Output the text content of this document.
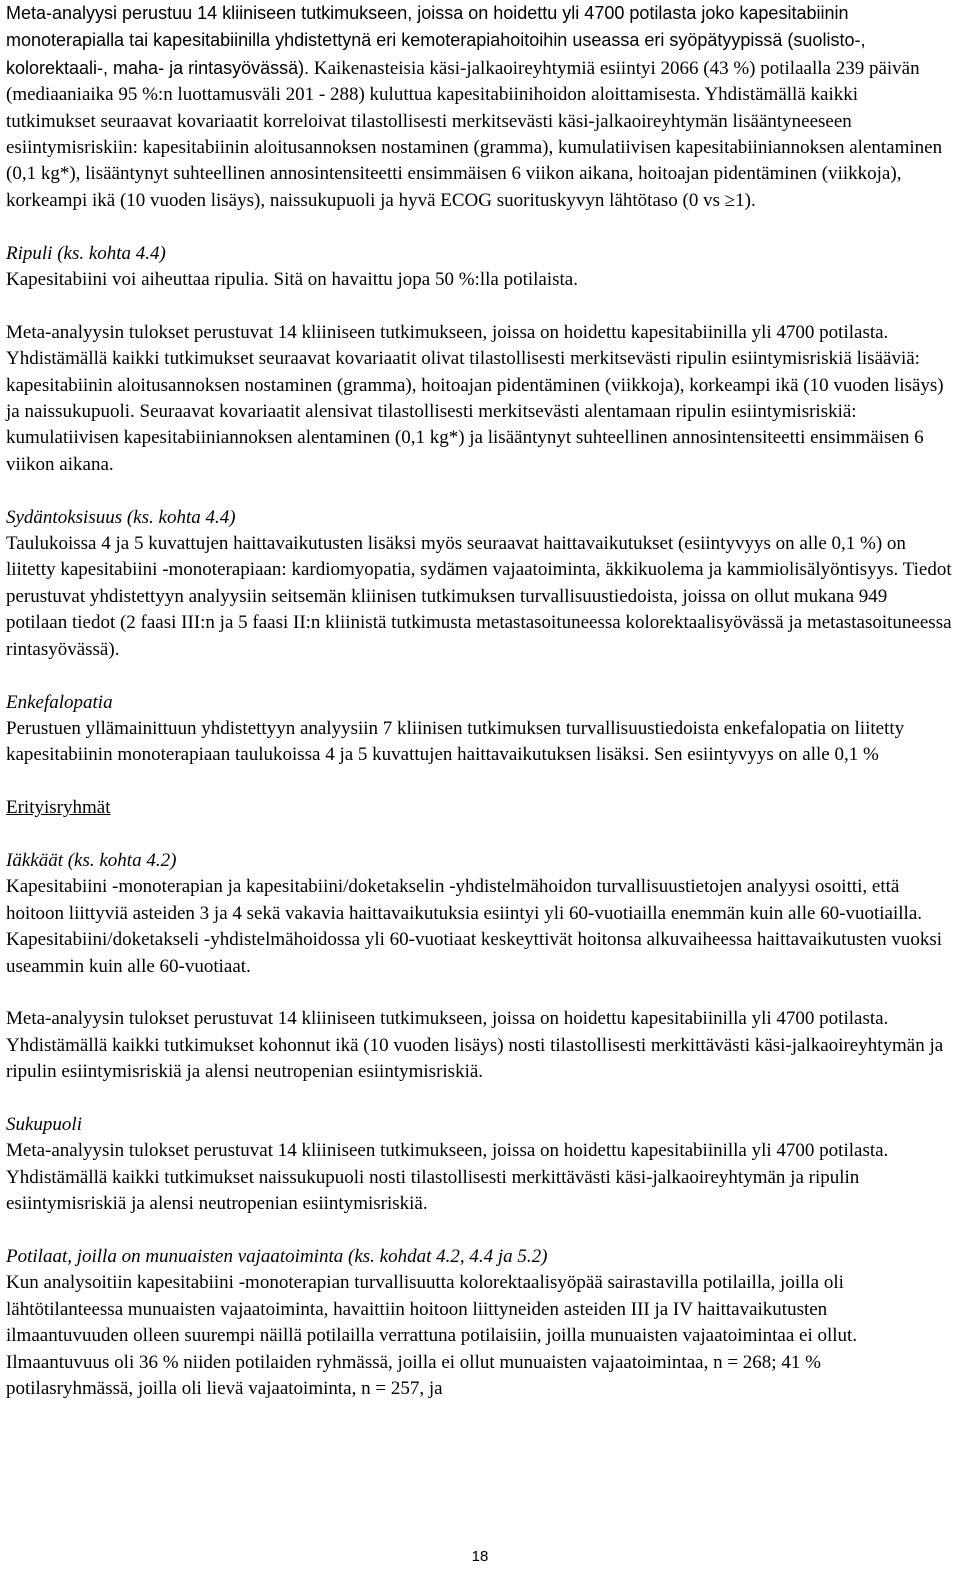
Meta-analyysi perustuu 14 kliiniseen tutkimukseen, joissa on hoidettu yli 4700 potilasta joko kapesitabiinin monoterapialla tai kapesitabiinilla yhdistettynä eri kemoterapiahoitoihin useassa eri syöpätyypissä (suolisto-, kolorektaali-, maha- ja rintasyövässä). Kaikenasteisia käsi-jalkaoireyhtymiä esiintyi 2066 (43 %) potilaalla 239 päivän (mediaaniaika 95 %:n luottamusväli 201 - 288) kuluttua kapesitabiinihoidon aloittamisesta. Yhdistämällä kaikki tutkimukset seuraavat kovariaatit korreloivat tilastollisesti merkitsevästi käsi-jalkaoireyhtymän lisääntyneeseen esiintymisriskiin: kapesitabiinin aloitusannoksen nostaminen (gramma), kumulatiivisen kapesitabiiniannoksen alentaminen (0,1 kg*), lisääntynyt suhteellinen annosintensiteetti ensimmäisen 6 viikon aikana, hoitoajan pidentäminen (viikkoja), korkeampi ikä (10 vuoden lisäys), naissukupuoli ja hyvä ECOG suorituskyvyn lähtötaso (0 vs ≥1).

Ripuli (ks. kohta 4.4)

Kapesitabiini voi aiheuttaa ripulia. Sitä on havaittu jopa 50 %:lla potilaista.

Meta-analyysin tulokset perustuvat 14 kliiniseen tutkimukseen, joissa on hoidettu kapesitabiinilla yli 4700 potilasta. Yhdistämällä kaikki tutkimukset seuraavat kovariaatit olivat tilastollisesti merkitsevästi ripulin esiintymisriskiä lisääviä: kapesitabiinin aloitusannoksen nostaminen (gramma), hoitoajan pidentäminen (viikkoja), korkeampi ikä (10 vuoden lisäys) ja naissukupuoli. Seuraavat kovariaatit alensivat tilastollisesti merkitsevästi alentamaan ripulin esiintymisriskiä: kumulatiivisen kapesitabiiniannoksen alentaminen (0,1 kg*) ja lisääntynyt suhteellinen annosintensiteetti ensimmäisen 6 viikon aikana.

Sydäntoksisuus (ks. kohta 4.4)

Taulukoissa 4 ja 5 kuvattujen haittavaikutusten lisäksi myös seuraavat haittavaikutukset (esiintyvyys on alle 0,1 %) on liitetty kapesitabiini -monoterapiaan: kardiomyopatia, sydämen vajaatoiminta, äkkikuolema ja kammiolisälyöntisyys. Tiedot perustuvat yhdistettyyn analyysiin seitsemän kliinisen tutkimuksen turvallisuustiedoista, joissa on ollut mukana 949 potilaan tiedot (2 faasi III:n ja 5 faasi II:n kliinistä tutkimusta metastasoituneessa kolorektaalisyövässä ja metastasoituneessa rintasyövässä).

Enkefalopatia

Perustuen yllämainittuun yhdistettyyn analyysiin 7 kliinisen tutkimuksen turvallisuustiedoista enkefalopatia on liitetty kapesitabiinin monoterapiaan taulukoissa 4 ja 5 kuvattujen haittavaikutuksen lisäksi. Sen esiintyvyys on alle 0,1 %

Erityisryhmät

Iäkkäät (ks. kohta 4.2)

Kapesitabiini -monoterapian ja kapesitabiini/doketakselin -yhdistelmähoidon turvallisuustietojen analyysi osoitti, että hoitoon liittyviä asteiden 3 ja 4 sekä vakavia haittavaikutuksia esiintyi yli 60-vuotiailla enemmän kuin alle 60-vuotiailla. Kapesitabiini/doketakseli -yhdistelmähoidossa yli 60-vuotiaat keskeyttivät hoitonsa alkuvaiheessa haittavaikutusten vuoksi useammin kuin alle 60-vuotiaat.

Meta-analyysin tulokset perustuvat 14 kliiniseen tutkimukseen, joissa on hoidettu kapesitabiinilla yli 4700 potilasta. Yhdistämällä kaikki tutkimukset kohonnut ikä (10 vuoden lisäys) nosti tilastollisesti merkittävästi käsi-jalkaoireyhtymän ja ripulin esiintymisriskiä ja alensi neutropenian esiintymisriskiä.

Sukupuoli

Meta-analyysin tulokset perustuvat 14 kliiniseen tutkimukseen, joissa on hoidettu kapesitabiinilla yli 4700 potilasta. Yhdistämällä kaikki tutkimukset naissukupuoli nosti tilastollisesti merkittävästi käsi-jalkaoireyhtymän ja ripulin esiintymisriskiä ja alensi neutropenian esiintymisriskiä.

Potilaat, joilla on munuaisten vajaatoiminta (ks. kohdat 4.2, 4.4 ja 5.2)

Kun analysoitiin kapesitabiini -monoterapian turvallisuutta kolorektaalisyöpää sairastavilla potilailla, joilla oli lähtötilanteessa munuaisten vajaatoiminta, havaittiin hoitoon liittyneiden asteiden III ja IV haittavaikutusten ilmaantuvuuden olleen suurempi näillä potilailla verrattuna potilaisiin, joilla munuaisten vajaatoimintaa ei ollut. Ilmaantuvuus oli 36 % niiden potilaiden ryhmässä, joilla ei ollut munuaisten vajaatoimintaa, n = 268; 41 % potilasryhmässä, joilla oli lievä vajaatoiminta, n = 257, ja

18
